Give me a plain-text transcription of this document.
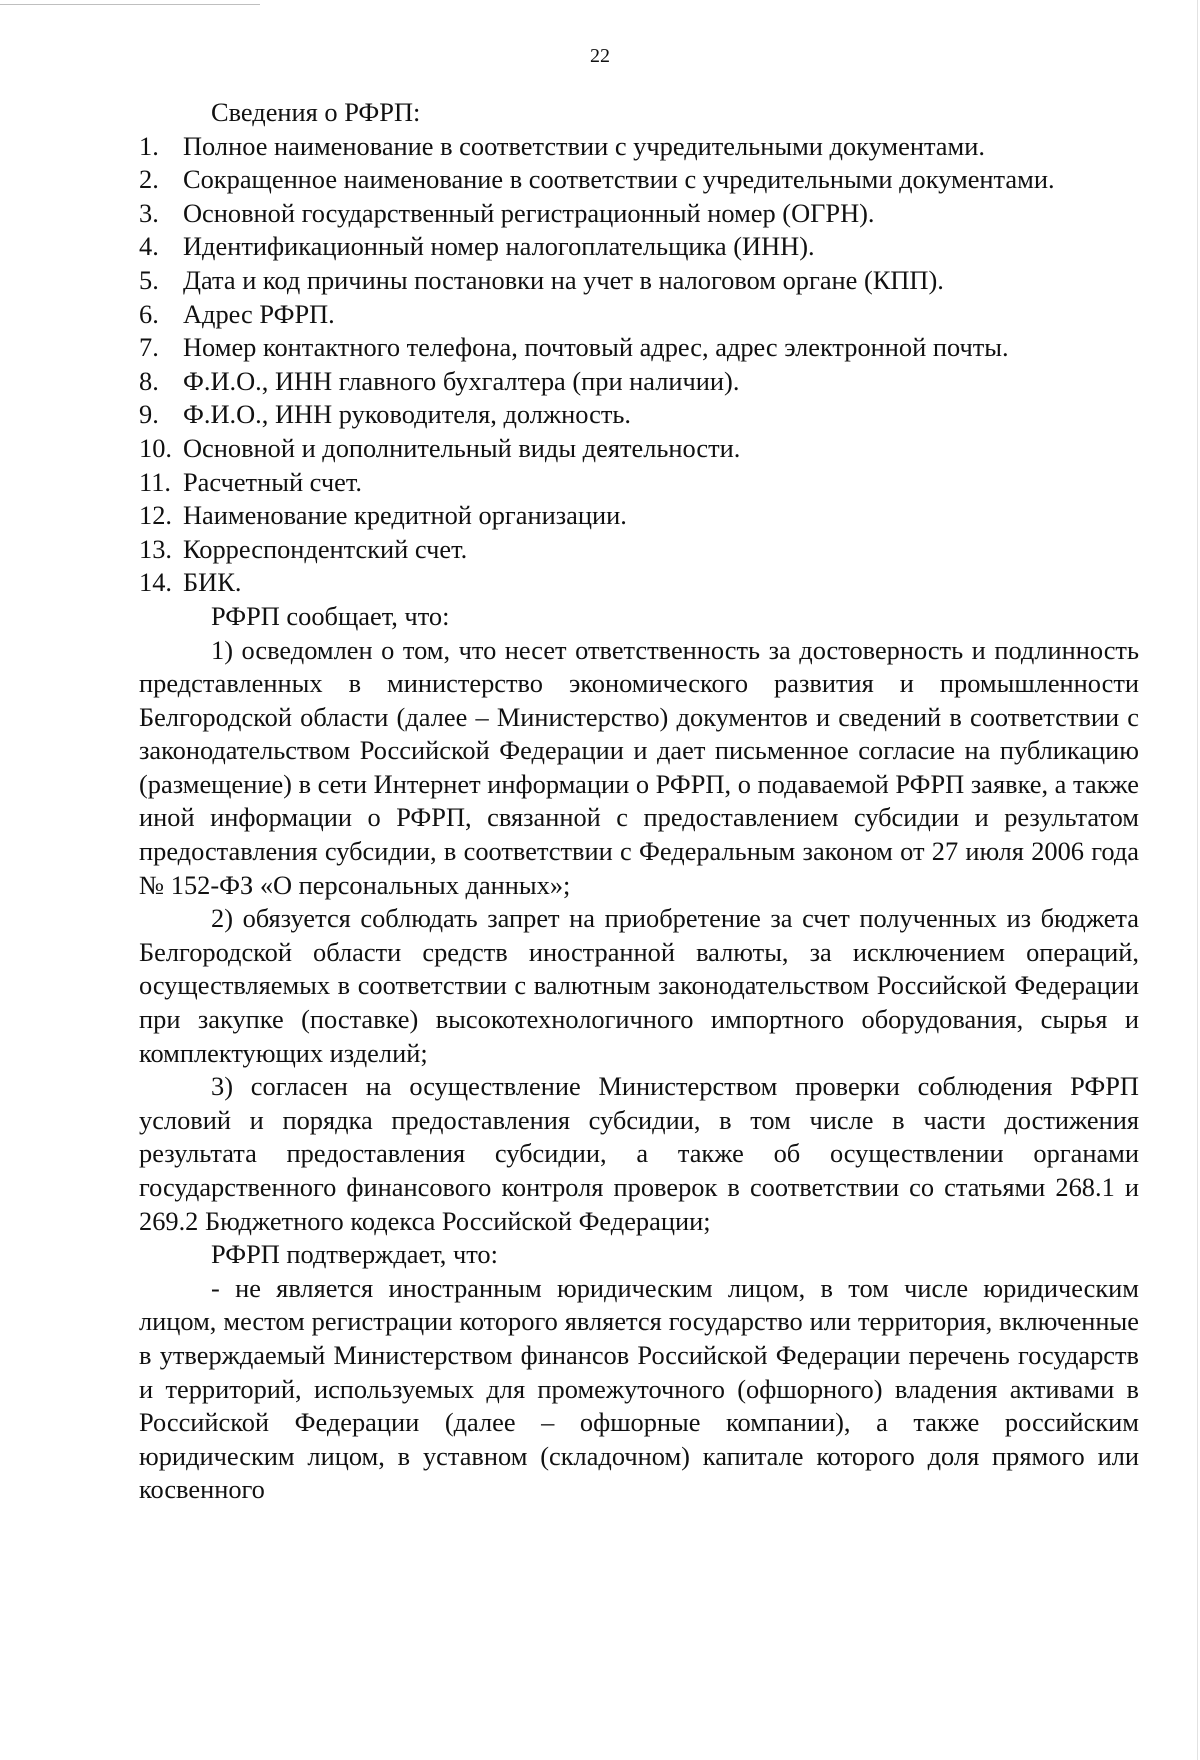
22

Сведения о РФРП:

1. Полное наименование в соответствии с учредительными документами.
2. Сокращенное наименование в соответствии с учредительными документами.
3. Основной государственный регистрационный номер (ОГРН).
4. Идентификационный номер налогоплательщика (ИНН).
5. Дата и код причины постановки на учет в налоговом органе (КПП).
6. Адрес РФРП.
7. Номер контактного телефона, почтовый адрес, адрес электронной почты.
8. Ф.И.О., ИНН главного бухгалтера (при наличии).
9. Ф.И.О., ИНН руководителя, должность.
10. Основной и дополнительный виды деятельности.
11. Расчетный счет.
12. Наименование кредитной организации.
13. Корреспондентский счет.
14. БИК.

РФРП сообщает, что:

1) осведомлен о том, что несет ответственность за достоверность и подлинность представленных в министерство экономического развития и промышленности Белгородской области (далее – Министерство) документов и сведений в соответствии с законодательством Российской Федерации и дает письменное согласие на публикацию (размещение) в сети Интернет информации о РФРП, о подаваемой РФРП заявке, а также иной информации о РФРП, связанной с предоставлением субсидии и результатом предоставления субсидии, в соответствии с Федеральным законом от 27 июля 2006 года № 152-ФЗ «О персональных данных»;

2) обязуется соблюдать запрет на приобретение за счет полученных из бюджета Белгородской области средств иностранной валюты, за исключением операций, осуществляемых в соответствии с валютным законодательством Российской Федерации при закупке (поставке) высокотехнологичного импортного оборудования, сырья и комплектующих изделий;

3) согласен на осуществление Министерством проверки соблюдения РФРП условий и порядка предоставления субсидии, в том числе в части достижения результата предоставления субсидии, а также об осуществлении органами государственного финансового контроля проверок в соответствии со статьями 268.1 и 269.2 Бюджетного кодекса Российской Федерации;

РФРП подтверждает, что:

- не является иностранным юридическим лицом, в том числе юридическим лицом, местом регистрации которого является государство или территория, включенные в утверждаемый Министерством финансов Российской Федерации перечень государств и территорий, используемых для промежуточного (офшорного) владения активами в Российской Федерации (далее – офшорные компании), а также российским юридическим лицом, в уставном (складочном) капитале которого доля прямого или косвенного
